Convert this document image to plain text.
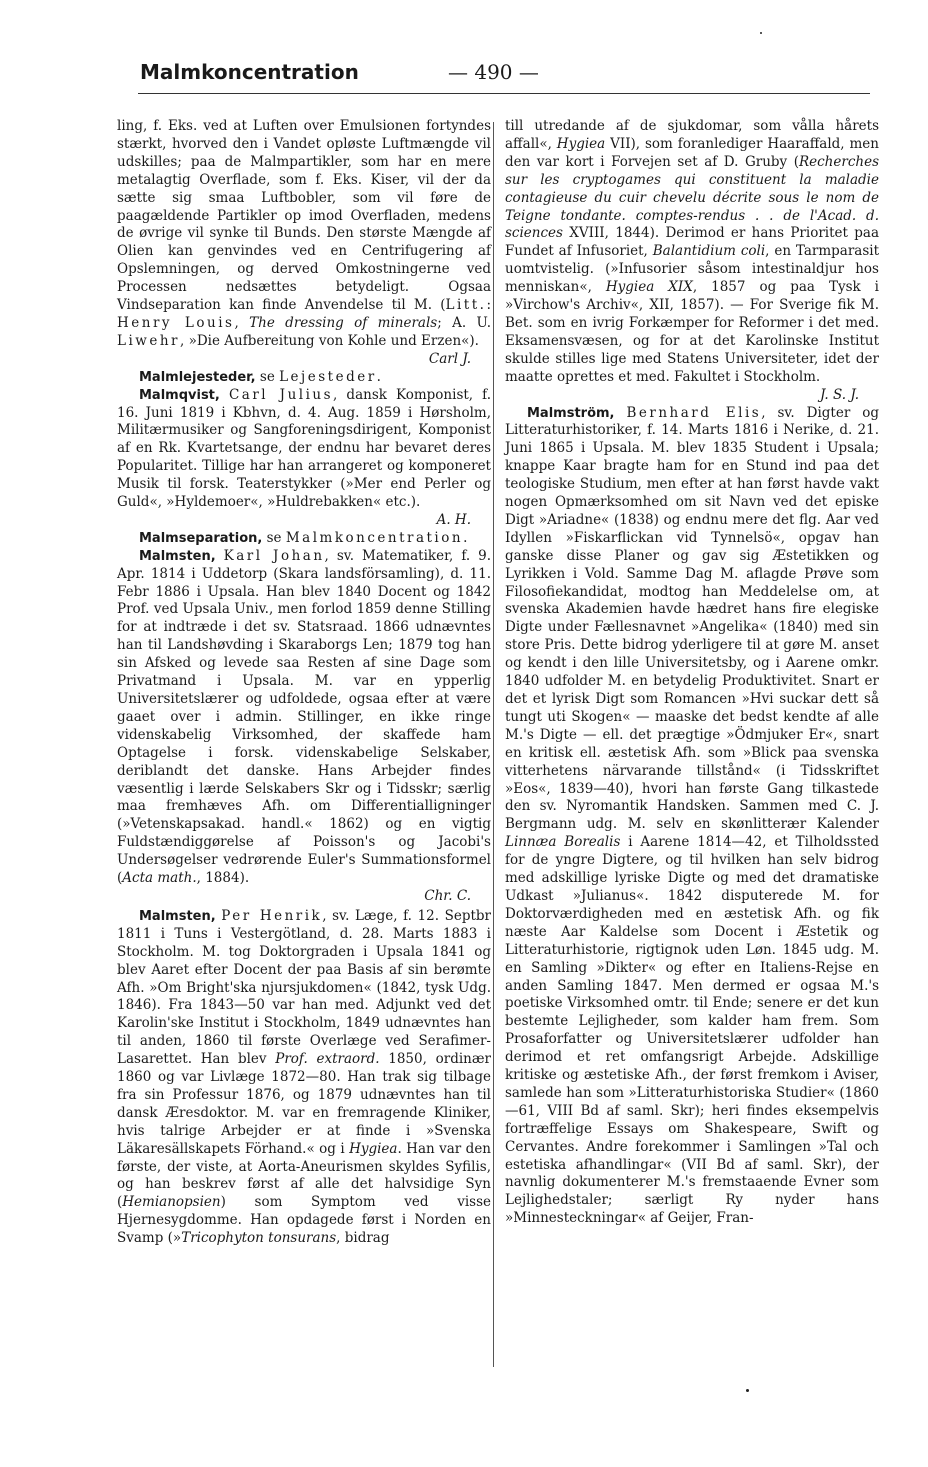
Malmkoncentration	— 490 —

ling, f. Eks. ved at Luften over Emulsionen fortyndes stærkt, hvorved den i Vandet opløste Luftmængde vil udskilles; paa de Malmpartikler, som har en mere metalagtig Overflade, som f. Eks. Kiser, vil der da sætte sig smaa Luftbobler, som vil føre de paagældende Partikler op imod Overfladen, medens de øvrige vil synke til Bunds. Den største Mængde af Olien kan genvindes ved en Centrifugering af Opslemningen, og derved Omkostningerne ved Processen nedsættes betydeligt. Ogsaa Vindseparation kan finde Anvendelse til M. (Litt.: Henry Louis, The dressing of minerals; A. U. Liwehr, »Die Aufbereitung von Kohle und Erzen«).
Carl J.

Malmlejesteder, se Lejesteder.

Malmqvist, Carl Julius, dansk Komponist, f. 16. Juni 1819 i Kbhvn, d. 4. Aug. 1859 i Hørsholm, Militærmusiker og Sangforeningsdirigent, Komponist af en Rk. Kvartetsange, der endnu har bevaret deres Popularitet. Tillige har han arrangeret og komponeret Musik til forsk. Teaterstykker (»Mer end Perler og Guld«, »Hyldemoer«, »Huldrebakken« etc.).
A. H.

Malmseparation, se Malmkoncentration.

Malmsten, Karl Johan, sv. Matematiker, f. 9. Apr. 1814 i Uddetorp (Skara landsförsamling), d. 11. Febr 1886 i Upsala. Han blev 1840 Docent og 1842 Prof. ved Upsala Univ., men forlod 1859 denne Stilling for at indtræde i det sv. Statsraad. 1866 udnævntes han til Landshøvding i Skaraborgs Len; 1879 tog han sin Afsked og levede saa Resten af sine Dage som Privatmand i Upsala. M. var en ypperlig Universitetslærer og udfoldede, ogsaa efter at være gaaet over i admin. Stillinger, en ikke ringe videnskabelig Virksomhed, der skaffede ham Optagelse i forsk. videnskabelige Selskaber, deriblandt det danske. Hans Arbejder findes væsentlig i lærde Selskabers Skr og i Tidsskr; særlig maa fremhæves Afh. om Differentialligninger (»Vetenskapsakad. handl.« 1862) og en vigtig Fuldstændiggørelse af Poisson's og Jacobi's Undersøgelser vedrørende Euler's Summationsformel (Acta math., 1884).
Chr. C.

Malmsten, Per Henrik, sv. Læge, f. 12. Septbr 1811 i Tuns i Vestergötland, d. 28. Marts 1883 i Stockholm. M. tog Doktorgraden i Upsala 1841 og blev Aaret efter Docent der paa Basis af sin berømte Afh. »Om Bright'ska njursjukdomen« (1842, tysk Udg. 1846). Fra 1843—50 var han med. Adjunkt ved det Karolin'ske Institut i Stockholm, 1849 udnævntes han til anden, 1860 til første Overlæge ved Serafimer-Lasarettet. Han blev Prof. extraord. 1850, ordinær 1860 og var Livlæge 1872—80. Han trak sig tilbage fra sin Professur 1876, og 1879 udnævntes han til dansk Æresdoktor. M. var en fremragende Kliniker, hvis talrige Arbejder er at finde i »Svenska Läkaresällskapets Förhand.« og i Hygiea. Han var den første, der viste, at Aorta-Aneurismen skyldes Syfilis, og han beskrev først af alle det halvsidige Syn (Hemianopsien) som Symptom ved visse Hjernesygdomme. Han opdagede først i Norden en Svamp (»Tricophyton tonsurans, bidrag

till utredande af de sjukdomar, som vålla hårets affall«, Hygiea VII), som foranlediger Haaraffald, men den var kort i Forvejen set af D. Gruby (Recherches sur les cryptogames qui constituent la maladie contagieuse du cuir chevelu décrite sous le nom de Teigne tondante. comptes-rendus . . de l'Acad. d. sciences XVIII, 1844). Derimod er hans Prioritet paa Fundet af Infusoriet, Balantidium coli, en Tarmparasit uomtvistelig. (»Infusorier såsom intestinaldjur hos menniskan«, Hygiea XIX, 1857 og paa Tysk i »Virchow's Archiv«, XII, 1857). — For Sverige fik M. Bet. som en ivrig Forkæmper for Reformer i det med. Eksamensvæsen, og for at det Karolinske Institut skulde stilles lige med Statens Universiteter, idet der maatte oprettes et med. Fakultet i Stockholm.
J. S. J.

Malmström, Bernhard Elis, sv. Digter og Litteraturhistoriker, f. 14. Marts 1816 i Nerike, d. 21. Juni 1865 i Upsala. M. blev 1835 Student i Upsala; knappe Kaar bragte ham for en Stund ind paa det teologiske Studium, men efter at han først havde vakt nogen Opmærksomhed om sit Navn ved det episke Digt »Ariadne« (1838) og endnu mere det flg. Aar ved Idyllen »Fiskarflickan vid Tynnelsö«, opgav han ganske disse Planer og gav sig Æstetikken og Lyrikken i Vold. Samme Dag M. aflagde Prøve som Filosofiekandidat, modtog han Meddelelse om, at svenska Akademien havde hædret hans fire elegiske Digte under Fællesnavnet »Angelika« (1840) med sin store Pris. Dette bidrog yderligere til at gøre M. anset og kendt i den lille Universitetsby, og i Aarene omkr. 1840 udfolder M. en betydelig Produktivitet. Snart er det et lyrisk Digt som Romancen »Hvi suckar dett så tungt uti Skogen« — maaske det bedst kendte af alle M.'s Digte — ell. det prægtige »Ödmjuker Er«, snart en kritisk ell. æstetisk Afh. som »Blick paa svenska vitterhetens närvarande tillstånd« (i Tidsskriftet »Eos«, 1839—40), hvori han første Gang tilkastede den sv. Nyromantik Handsken. Sammen med C. J. Bergmann udg. M. selv en skønlitterær Kalender Linnæa Borealis i Aarene 1814—42, et Tilholdssted for de yngre Digtere, og til hvilken han selv bidrog med adskillige lyriske Digte og med det dramatiske Udkast »Julianus«. 1842 disputerede M. for Doktorværdigheden med en æstetisk Afh. og fik næste Aar Kaldelse som Docent i Æstetik og Litteraturhistorie, rigtignok uden Løn. 1845 udg. M. en Samling »Dikter« og efter en Italiens-Rejse en anden Samling 1847. Men dermed er ogsaa M.'s poetiske Virksomhed omtr. til Ende; senere er det kun bestemte Lejligheder, som kalder ham frem. Som Prosaforfatter og Universitetslærer udfolder han derimod et ret omfangsrigt Arbejde. Adskillige kritiske og æstetiske Afh., der først fremkom i Aviser, samlede han som »Litteraturhistoriska Studier« (1860—61, VIII Bd af saml. Skr); heri findes eksempelvis fortræffelige Essays om Shakespeare, Swift og Cervantes. Andre forekommer i Samlingen »Tal och estetiska afhandlingar« (VII Bd af saml. Skr), der navnlig dokumenterer M.'s fremstaaende Evner som Lejlighedstaler; særligt Ry nyder hans »Minnesteckningar« af Geijer, Fran-
